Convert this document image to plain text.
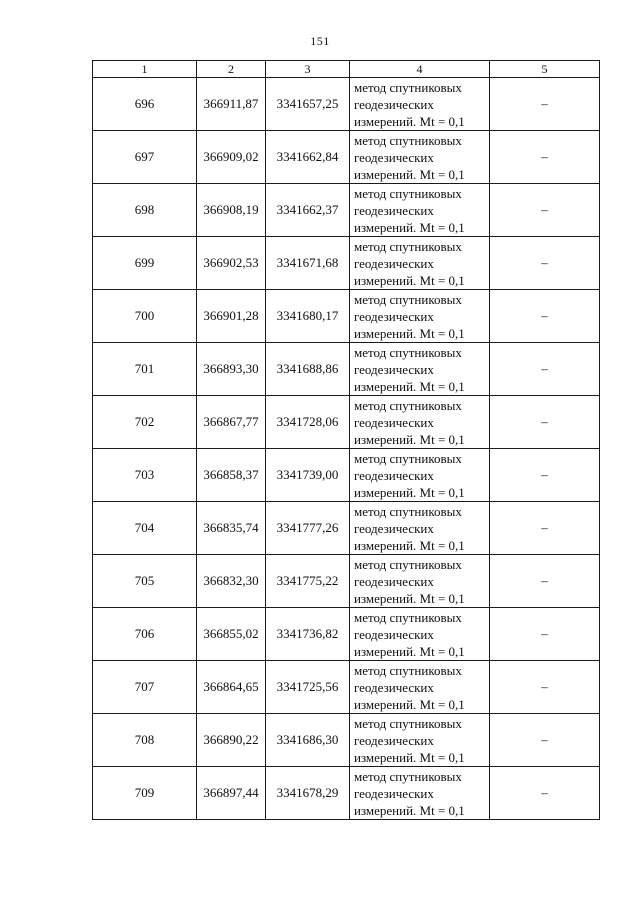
151
1	2	3	4	5
696	366911,87	3341657,25	метод спутниковых
геодезических
измерений. Mt = 0,1	–
697	366909,02	3341662,84	метод спутниковых
геодезических
измерений. Mt = 0,1	–
698	366908,19	3341662,37	метод спутниковых
геодезических
измерений. Mt = 0,1	–
699	366902,53	3341671,68	метод спутниковых
геодезических
измерений. Mt = 0,1	–
700	366901,28	3341680,17	метод спутниковых
геодезических
измерений. Mt = 0,1	–
701	366893,30	3341688,86	метод спутниковых
геодезических
измерений. Mt = 0,1	–
702	366867,77	3341728,06	метод спутниковых
геодезических
измерений. Mt = 0,1	–
703	366858,37	3341739,00	метод спутниковых
геодезических
измерений. Mt = 0,1	–
704	366835,74	3341777,26	метод спутниковых
геодезических
измерений. Mt = 0,1	–
705	366832,30	3341775,22	метод спутниковых
геодезических
измерений. Mt = 0,1	–
706	366855,02	3341736,82	метод спутниковых
геодезических
измерений. Mt = 0,1	–
707	366864,65	3341725,56	метод спутниковых
геодезических
измерений. Mt = 0,1	–
708	366890,22	3341686,30	метод спутниковых
геодезических
измерений. Mt = 0,1	–
709	366897,44	3341678,29	метод спутниковых
геодезических
измерений. Mt = 0,1	–
